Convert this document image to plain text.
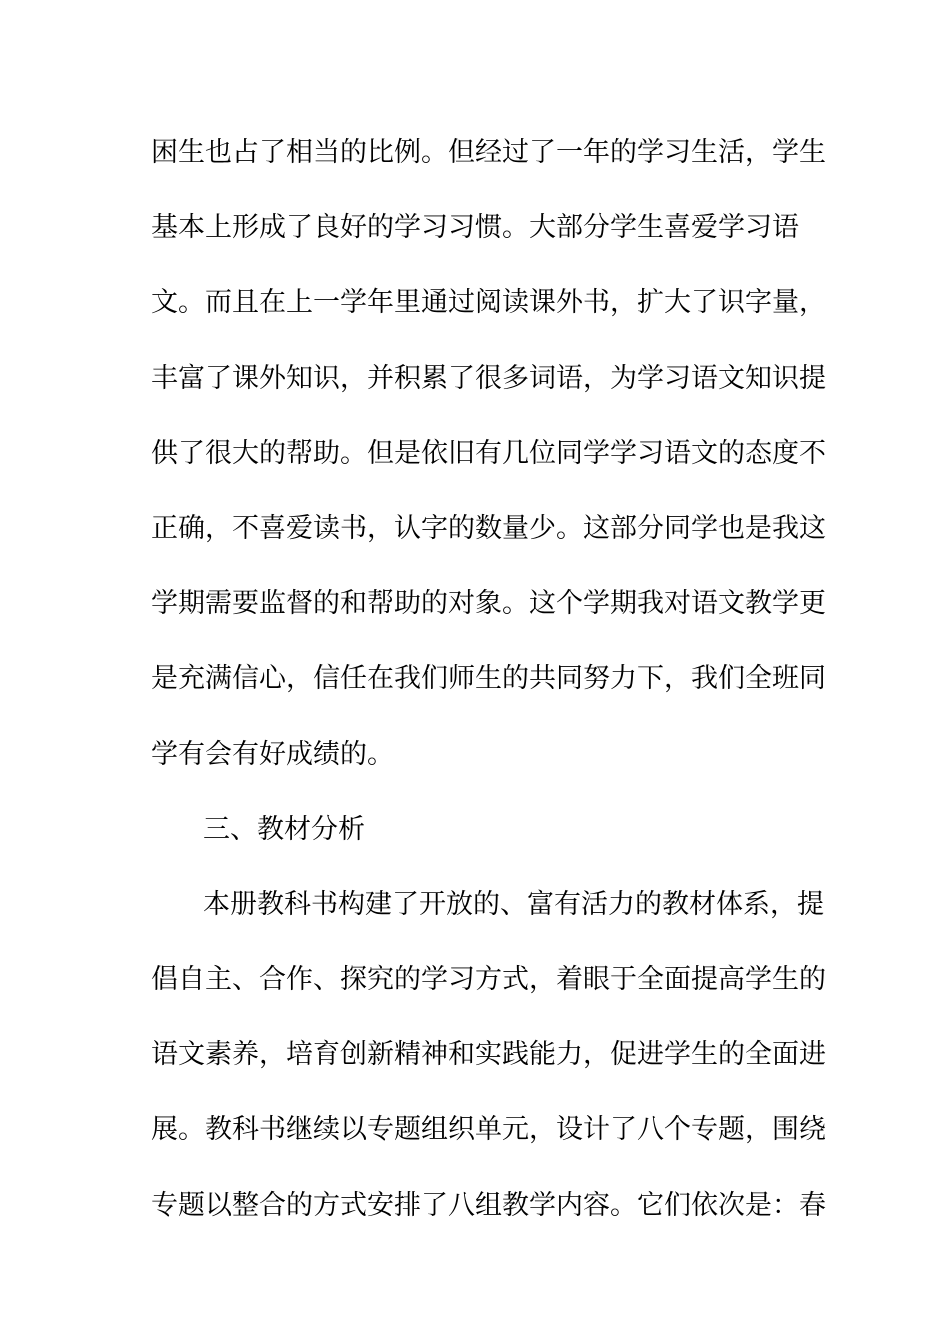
困生也占了相当的比例。但经过了一年的学习生活，学生
基本上形成了良好的学习习惯。大部分学生喜爱学习语
文。而且在上一学年里通过阅读课外书，扩大了识字量，
丰富了课外知识，并积累了很多词语，为学习语文知识提
供了很大的帮助。但是依旧有几位同学学习语文的态度不
正确，不喜爱读书，认字的数量少。这部分同学也是我这
学期需要监督的和帮助的对象。这个学期我对语文教学更
是充满信心，信任在我们师生的共同努力下，我们全班同
学有会有好成绩的。
三、教材分析
本册教科书构建了开放的、富有活力的教材体系，提
倡自主、合作、探究的学习方式，着眼于全面提高学生的
语文素养，培育创新精神和实践能力，促进学生的全面进
展。教科书继续以专题组织单元，设计了八个专题，围绕
专题以整合的方式安排了八组教学内容。它们依次是：春
